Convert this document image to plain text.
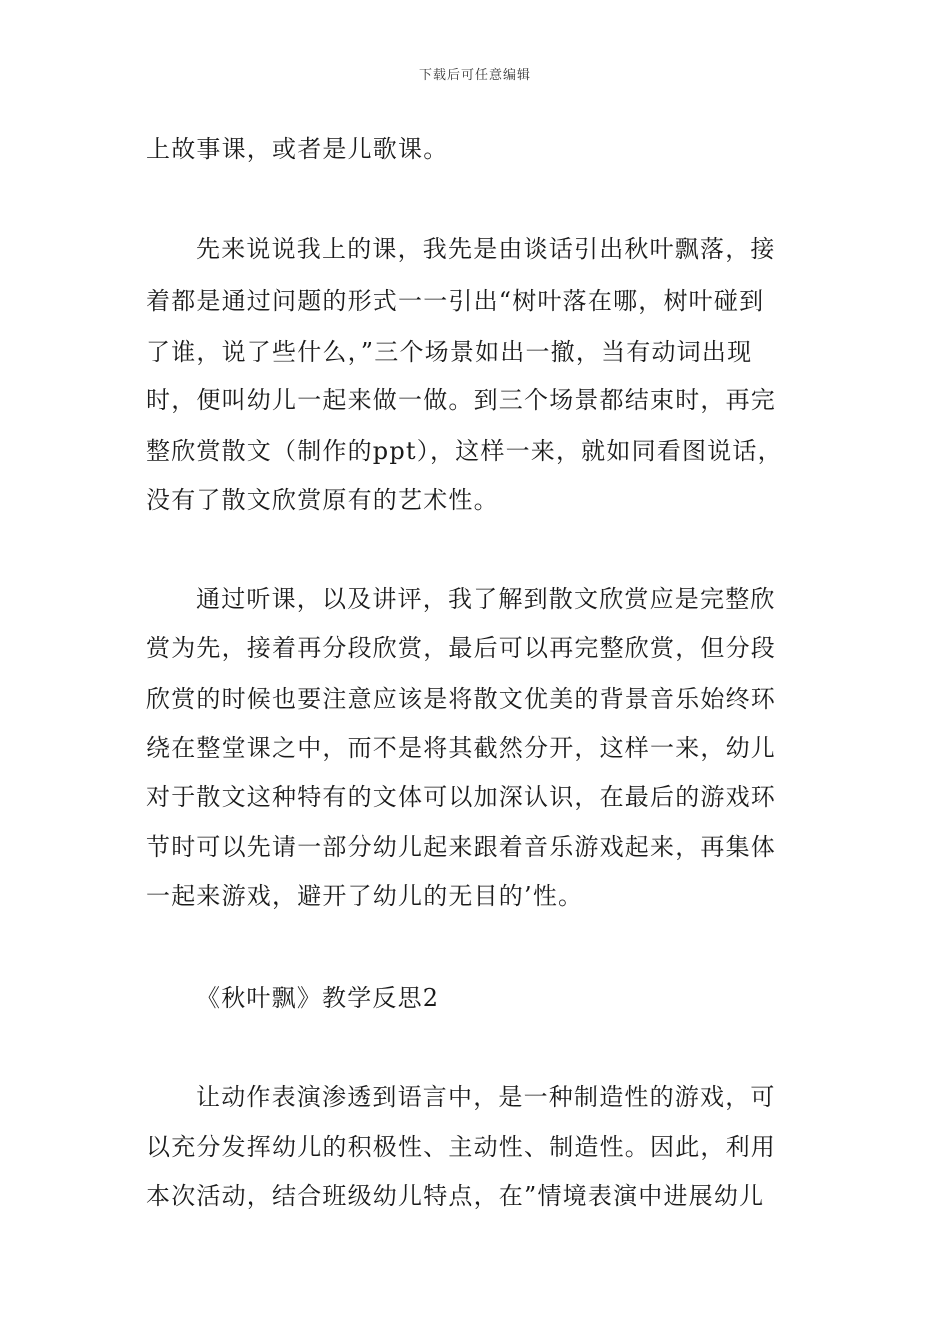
下载后可任意编辑
上故事课，或者是儿歌课。
先来说说我上的课，我先是由谈话引出秋叶飘落，接
着都是通过问题的形式一一引出“树叶落在哪，树叶碰到
了谁，说了些什么，”三个场景如出一撤，当有动词出现
时，便叫幼儿一起来做一做。到三个场景都结束时，再完
整欣赏散文（制作的ppt），这样一来，就如同看图说话，
没有了散文欣赏原有的艺术性。
通过听课，以及讲评，我了解到散文欣赏应是完整欣
赏为先，接着再分段欣赏，最后可以再完整欣赏，但分段
欣赏的时候也要注意应该是将散文优美的背景音乐始终环
绕在整堂课之中，而不是将其截然分开，这样一来，幼儿
对于散文这种特有的文体可以加深认识，在最后的游戏环
节时可以先请一部分幼儿起来跟着音乐游戏起来，再集体
一起来游戏，避开了幼儿的无目的’性。
《秋叶飘》教学反思2
让动作表演渗透到语言中，是一种制造性的游戏，可
以充分发挥幼儿的积极性、主动性、制造性。因此，利用
本次活动，结合班级幼儿特点，在”情境表演中进展幼儿
